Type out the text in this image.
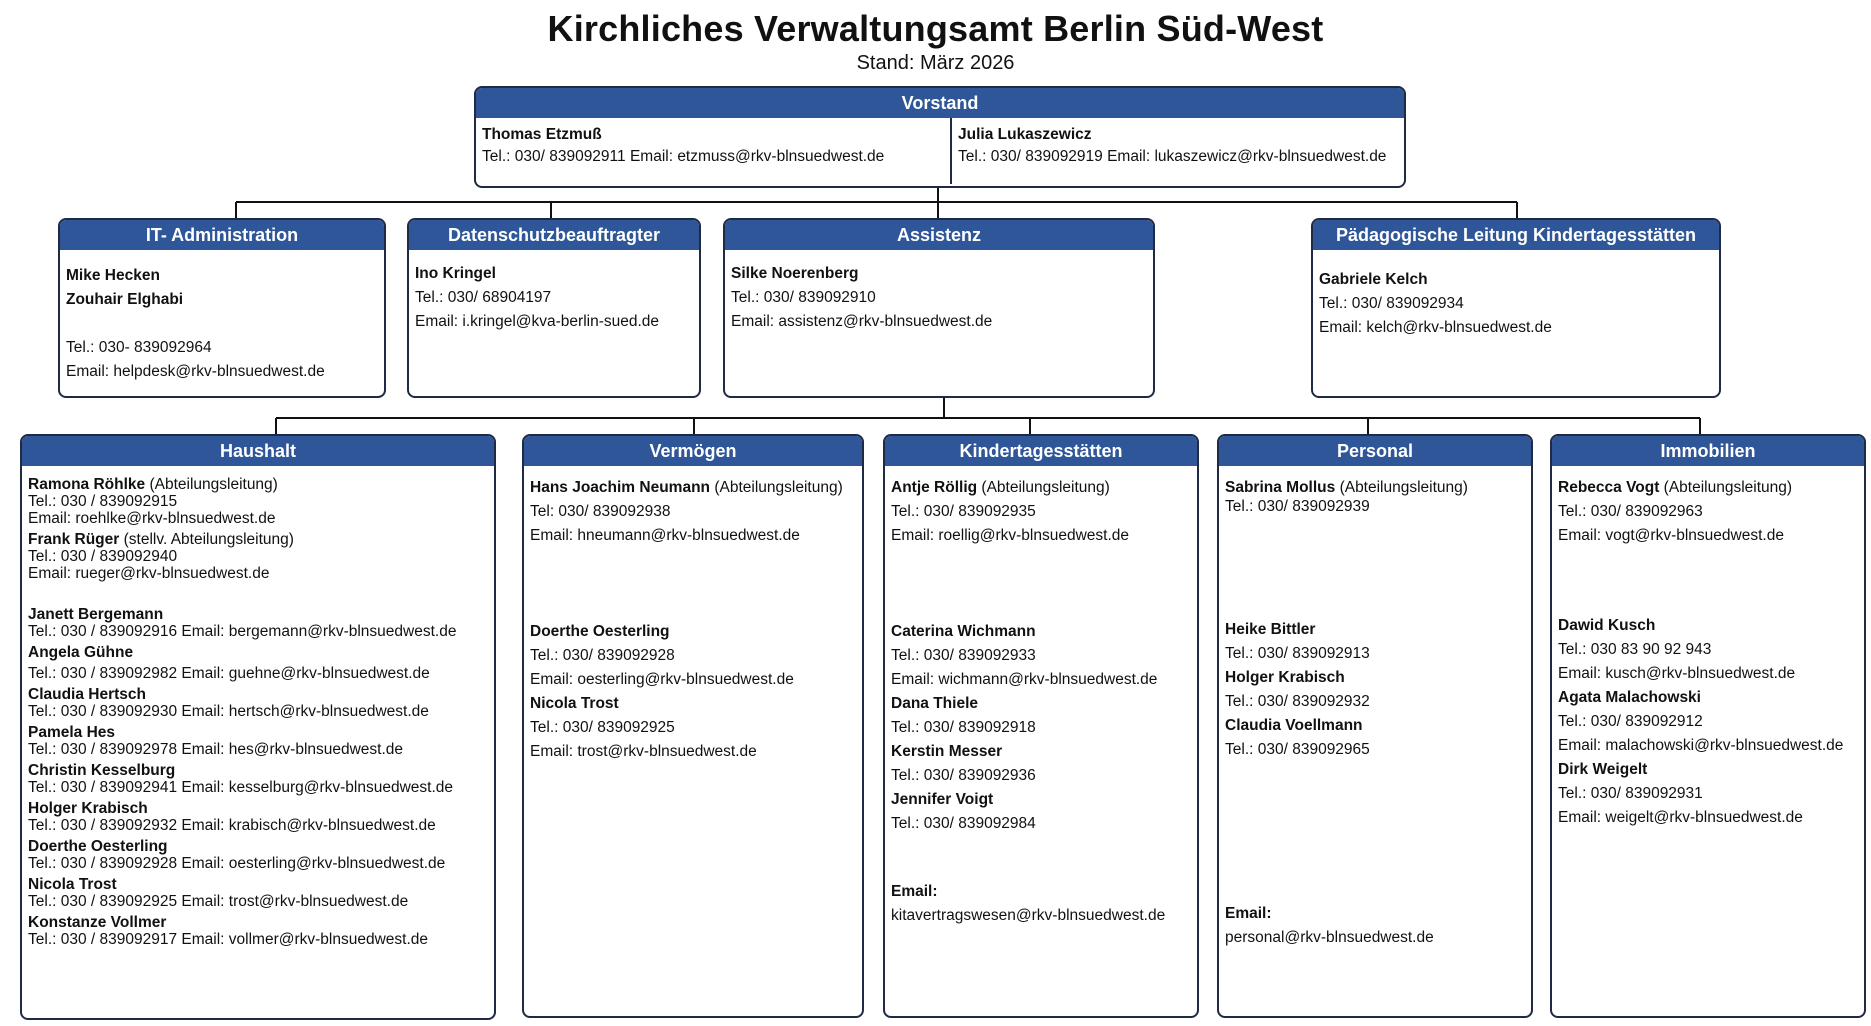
Kirchliches Verwaltungsamt Berlin Süd-West
Stand: März 2026
Vorstand
Thomas Etzmuß
Tel.: 030/ 839092911 Email: etzmuss@rkv-blnsuedwest.de
Julia Lukaszewicz
Tel.: 030/ 839092919 Email: lukaszewicz@rkv-blnsuedwest.de
IT- Administration
Mike Hecken
Zouhair Elghabi
Tel.: 030- 839092964
Email: helpdesk@rkv-blnsuedwest.de
Datenschutzbeauftragter
Ino Kringel
Tel.: 030/ 68904197
Email: i.kringel@kva-berlin-sued.de
Assistenz
Silke Noerenberg
Tel.: 030/ 839092910
Email: assistenz@rkv-blnsuedwest.de
Pädagogische Leitung Kindertagesstätten
Gabriele Kelch
Tel.: 030/ 839092934
Email: kelch@rkv-blnsuedwest.de
Haushalt
Ramona Röhlke (Abteilungsleitung)
Tel.: 030 / 839092915
Email: roehlke@rkv-blnsuedwest.de
Frank Rüger (stellv. Abteilungsleitung)
Tel.: 030 / 839092940
Email: rueger@rkv-blnsuedwest.de
Janett Bergemann
Tel.: 030 / 839092916 Email: bergemann@rkv-blnsuedwest.de
Angela Gühne
Tel.: 030 / 839092982 Email: guehne@rkv-blnsuedwest.de
Claudia Hertsch
Tel.: 030 / 839092930 Email: hertsch@rkv-blnsuedwest.de
Pamela Hes
Tel.: 030 / 839092978 Email: hes@rkv-blnsuedwest.de
Christin Kesselburg
Tel.: 030 / 839092941 Email: kesselburg@rkv-blnsuedwest.de
Holger Krabisch
Tel.: 030 / 839092932 Email: krabisch@rkv-blnsuedwest.de
Doerthe Oesterling
Tel.: 030 / 839092928 Email: oesterling@rkv-blnsuedwest.de
Nicola Trost
Tel.: 030 / 839092925 Email: trost@rkv-blnsuedwest.de
Konstanze Vollmer
Tel.: 030 / 839092917 Email: vollmer@rkv-blnsuedwest.de
Vermögen
Hans Joachim Neumann (Abteilungsleitung)
Tel: 030/ 839092938
Email: hneumann@rkv-blnsuedwest.de
Doerthe Oesterling
Tel.: 030/ 839092928
Email: oesterling@rkv-blnsuedwest.de
Nicola Trost
Tel.: 030/ 839092925
Email: trost@rkv-blnsuedwest.de
Kindertagesstätten
Antje Röllig (Abteilungsleitung)
Tel.: 030/ 839092935
Email: roellig@rkv-blnsuedwest.de
Caterina Wichmann
Tel.: 030/ 839092933
Email: wichmann@rkv-blnsuedwest.de
Dana Thiele
Tel.: 030/ 839092918
Kerstin Messer
Tel.: 030/ 839092936
Jennifer Voigt
Tel.: 030/ 839092984
Email:
kitavertragswesen@rkv-blnsuedwest.de
Personal
Sabrina Mollus (Abteilungsleitung)
Tel.: 030/ 839092939
Heike Bittler
Tel.: 030/ 839092913
Holger Krabisch
Tel.: 030/ 839092932
Claudia Voellmann
Tel.: 030/ 839092965
Email:
personal@rkv-blnsuedwest.de
Immobilien
Rebecca Vogt (Abteilungsleitung)
Tel.: 030/ 839092963
Email: vogt@rkv-blnsuedwest.de
Dawid Kusch
Tel.: 030 83 90 92 943
Email: kusch@rkv-blnsuedwest.de
Agata Malachowski
Tel.: 030/ 839092912
Email: malachowski@rkv-blnsuedwest.de
Dirk Weigelt
Tel.: 030/ 839092931
Email: weigelt@rkv-blnsuedwest.de
